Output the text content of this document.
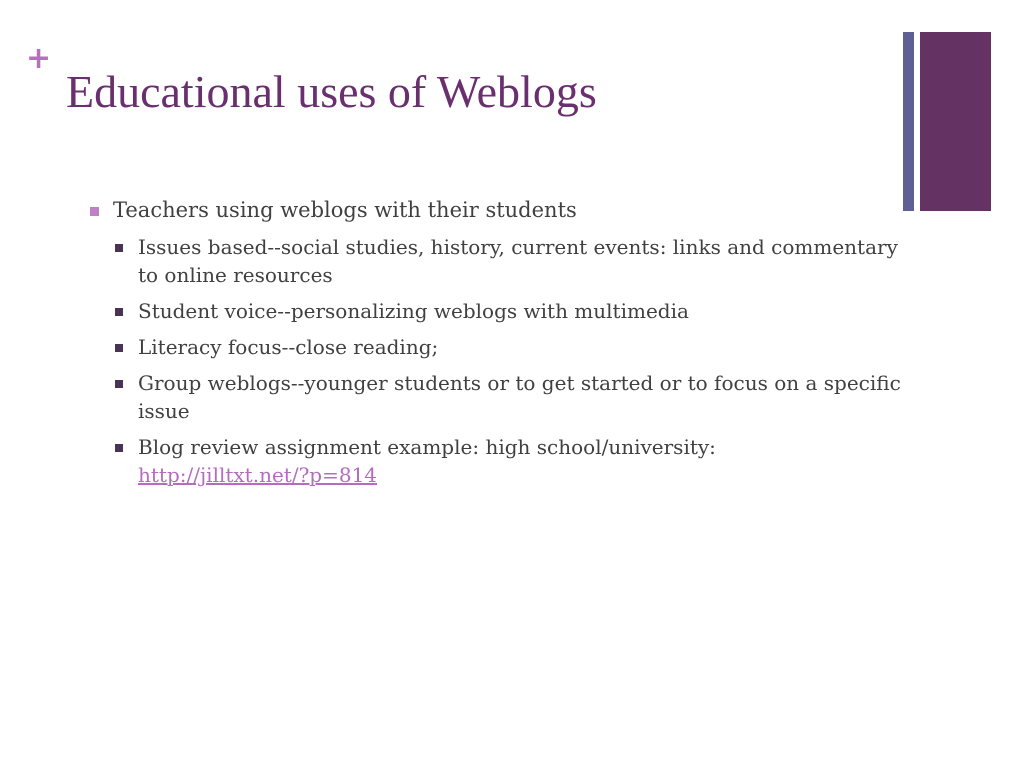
+
Educational uses of Weblogs
Teachers using weblogs with their students
Issues based--social studies, history, current events: links and commentary to online resources
Student voice--personalizing weblogs with multimedia
Literacy focus--close reading;
Group weblogs--younger students or to get started or to focus on a specific issue
Blog review assignment example: high school/university:
http://jilltxt.net/?p=814
